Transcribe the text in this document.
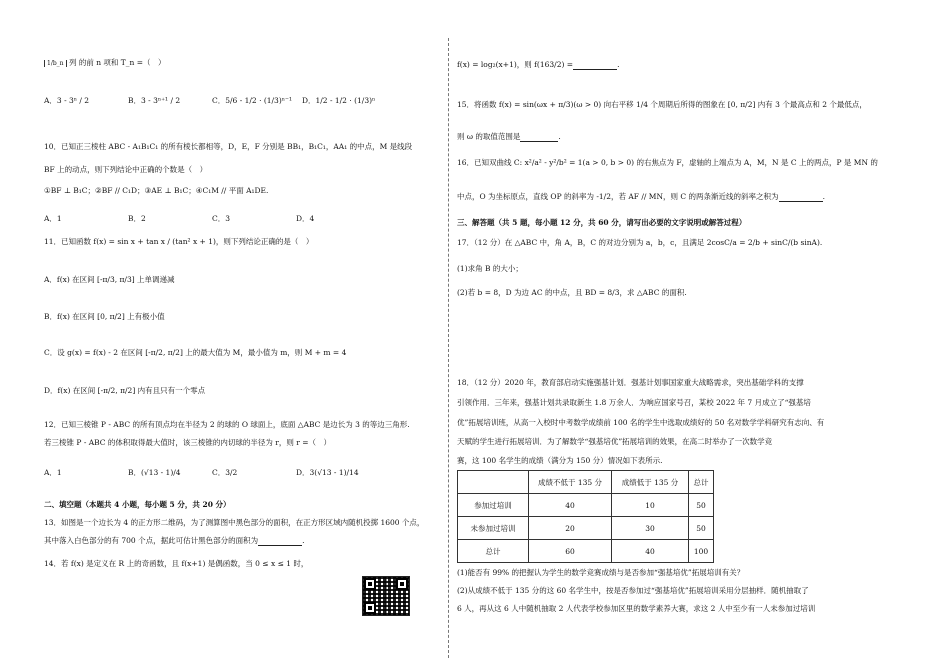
1/b_n 列 的前 n 项和 T_n =（　）
A．3 - 3ⁿ / 2	B．3 - 3ⁿ⁺¹ / 2	C．5/6 - 1/2 · (1/3)ⁿ⁻¹ D．1/2 - 1/2 · (1/3)ⁿ
10．已知正三棱柱 ABC - A₁B₁C₁ 的所有棱长都相等，D，E，F 分别是 BB₁，B₁C₁，AA₁ 的中点，M 是线段
BF 上的动点，则下列结论中正确的个数是（　）
①BF ⊥ B₁C；②BF // C₁D；③AE ⊥ B₁C；④C₁M // 平面 A₁DE.
A．1	B．2	C．3	D．4
11．已知函数 f(x) = sin x + tan x / (tan² x + 1)，则下列结论正确的是（　）
A．f(x) 在区间 [-π/3, π/3] 上单调递减
B．f(x) 在区间 [0, π/2] 上有极小值
C．设 g(x) = f(x) - 2 在区间 [-π/2, π/2] 上的最大值为 M，最小值为 m，则 M + m = 4
D．f(x) 在区间 [-π/2, π/2] 内有且只有一个零点
12．已知三棱锥 P - ABC 的所有顶点均在半径为 2 的球的 O 球面上，底面 △ABC 是边长为 3 的等边三角形.
若三棱锥 P - ABC 的体积取得最大值时，该三棱锥的内切球的半径为 r，则 r =（　）
A．1	B．(√13 - 1)/4	C．3/2	D．3(√13 - 1)/14
二、填空题（本题共 4 小题，每小题 5 分，共 20 分）
13．如图是一个边长为 4 的正方形二维码，为了测算图中黑色部分的面积，在正方形区域内随机投掷 1600 个点，
其中落入白色部分的有 700 个点，据此可估计黑色部分的面积为	.
14．若 f(x) 是定义在 R 上的奇函数，且 f(x+1) 是偶函数，当 0 ≤ x ≤ 1 时，
f(x) = log₂(x+1)，则 f(163/2) =	.
15．将函数 f(x) = sin(ωx + π/3)(ω > 0) 向右平移 1/4 个周期后所得的图象在 [0, π/2] 内有 3 个最高点和 2 个最低点，
则 ω 的取值范围是	.
16．已知双曲线 C: x²/a² - y²/b² = 1(a > 0, b > 0) 的右焦点为 F，虚轴的上端点为 A，M，N 是 C 上的两点，P 是 MN 的
中点，O 为坐标原点，直线 OP 的斜率为 -1/2，若 AF // MN，则 C 的两条渐近线的斜率之积为	.
三、解答题（共 5 题，每小题 12 分，共 60 分，请写出必要的文字说明或解答过程）
17．（12 分）在 △ABC 中，角 A，B，C 的对边分别为 a，b，c，且满足 2cosC/a = 2/b + sinC/(b sinA).
(1)求角 B 的大小；
(2)若 b = 8，D 为边 AC 的中点，且 BD = 8/3，求 △ABC 的面积.
18．（12 分）2020 年，教育部启动实施强基计划．强基计划事国家重大战略需求，突出基础学科的支撑
引领作用．三年来，强基计划共录取新生 1.8 万余人．为响应国家号召，某校 2022 年 7 月成立了“强基培
优”拓展培训班，从高一入校时中考数学成绩前 100 名的学生中选取成绩好的 50 名对数学学科研究有志向、有
天赋的学生进行拓展培训．为了解数学“强基培优”拓展培训的效果，在高二时举办了一次数学竞
赛，这 100 名学生的成绩（满分为 150 分）情况如下表所示.
	成绩不低于 135 分	成绩低于 135 分	总计
参加过培训	40	10	50
未参加过培训	20	30	50
总计	60	40	100
(1)能否有 99% 的把握认为学生的数学竞赛成绩与是否参加“强基培优”拓展培训有关？
(2)从成绩不低于 135 分的这 60 名学生中，按是否参加过“强基培优”拓展培训采用分层抽样．随机抽取了
6 人，再从这 6 人中随机抽取 2 人代表学校参加区里的数学素养大赛，求这 2 人中至少有一人未参加过培训
